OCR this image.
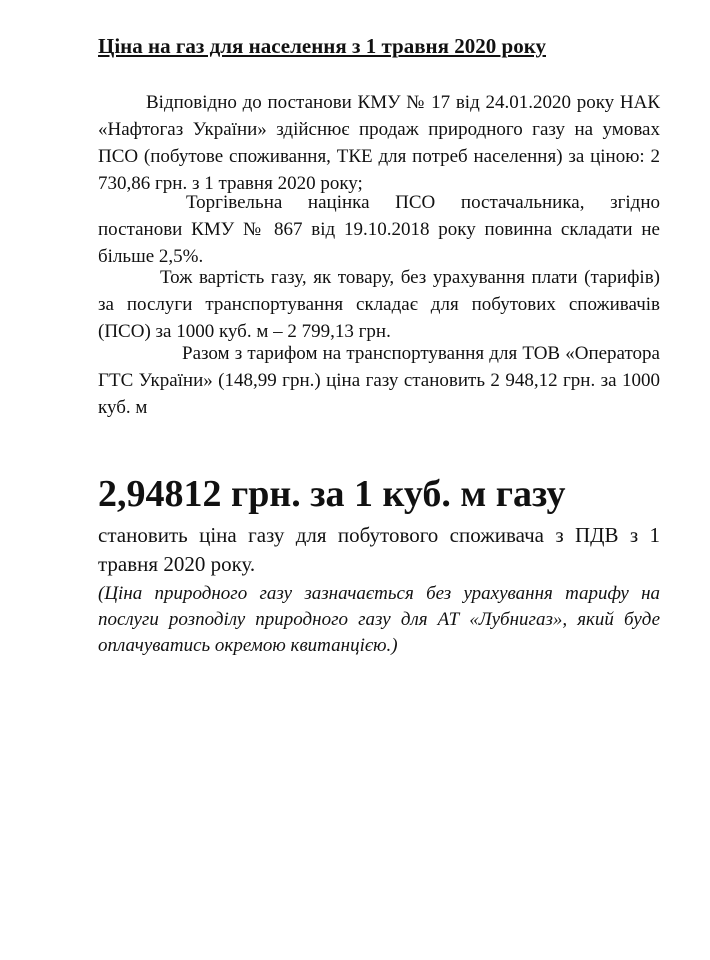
Ціна на газ для населення з 1 травня 2020 року
Відповідно до постанови КМУ № 17 від 24.01.2020 року НАК «Нафтогаз України» здійснює продаж природного газу на умовах ПСО (побутове споживання, ТКЕ для потреб населення) за ціною: 2 730,86 грн. з 1 травня 2020 року;
Торгівельна націнка ПСО постачальника, згідно постанови КМУ № 867 від 19.10.2018 року повинна складати не більше 2,5%.
Тож вартість газу, як товару, без урахування плати (тарифів) за послуги транспортування складає для побутових споживачів (ПСО) за 1000 куб. м – 2 799,13 грн.
Разом з тарифом на транспортування для ТОВ «Оператора ГТС України» (148,99 грн.) ціна газу становить 2 948,12 грн. за 1000 куб. м
2,94812 грн. за 1 куб. м газу
становить ціна газу для побутового споживача з ПДВ з 1 травня 2020 року.
(Ціна природного газу зазначається без урахування тарифу на послуги розподілу природного газу для АТ «Лубнигаз», який буде оплачуватись окремою квитанцією.)
